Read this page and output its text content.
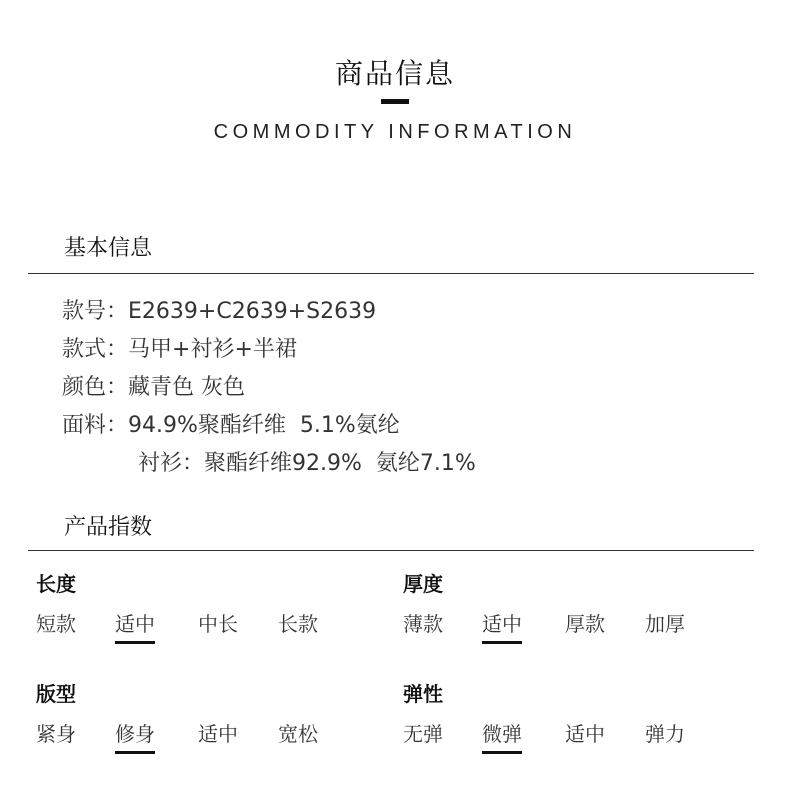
商品信息
COMMODITY INFORMATION
基本信息
款号：E2639+C2639+S2639
款式：马甲+衬衫+半裙
颜色：藏青色 灰色
面料：94.9%聚酯纤维  5.1%氨纶
衬衫：聚酯纤维92.9%  氨纶7.1%
产品指数
长度
短款 适中 中长 长款
厚度
薄款 适中 厚款 加厚
版型
紧身 修身 适中 宽松
弹性
无弹 微弹 适中 弹力
